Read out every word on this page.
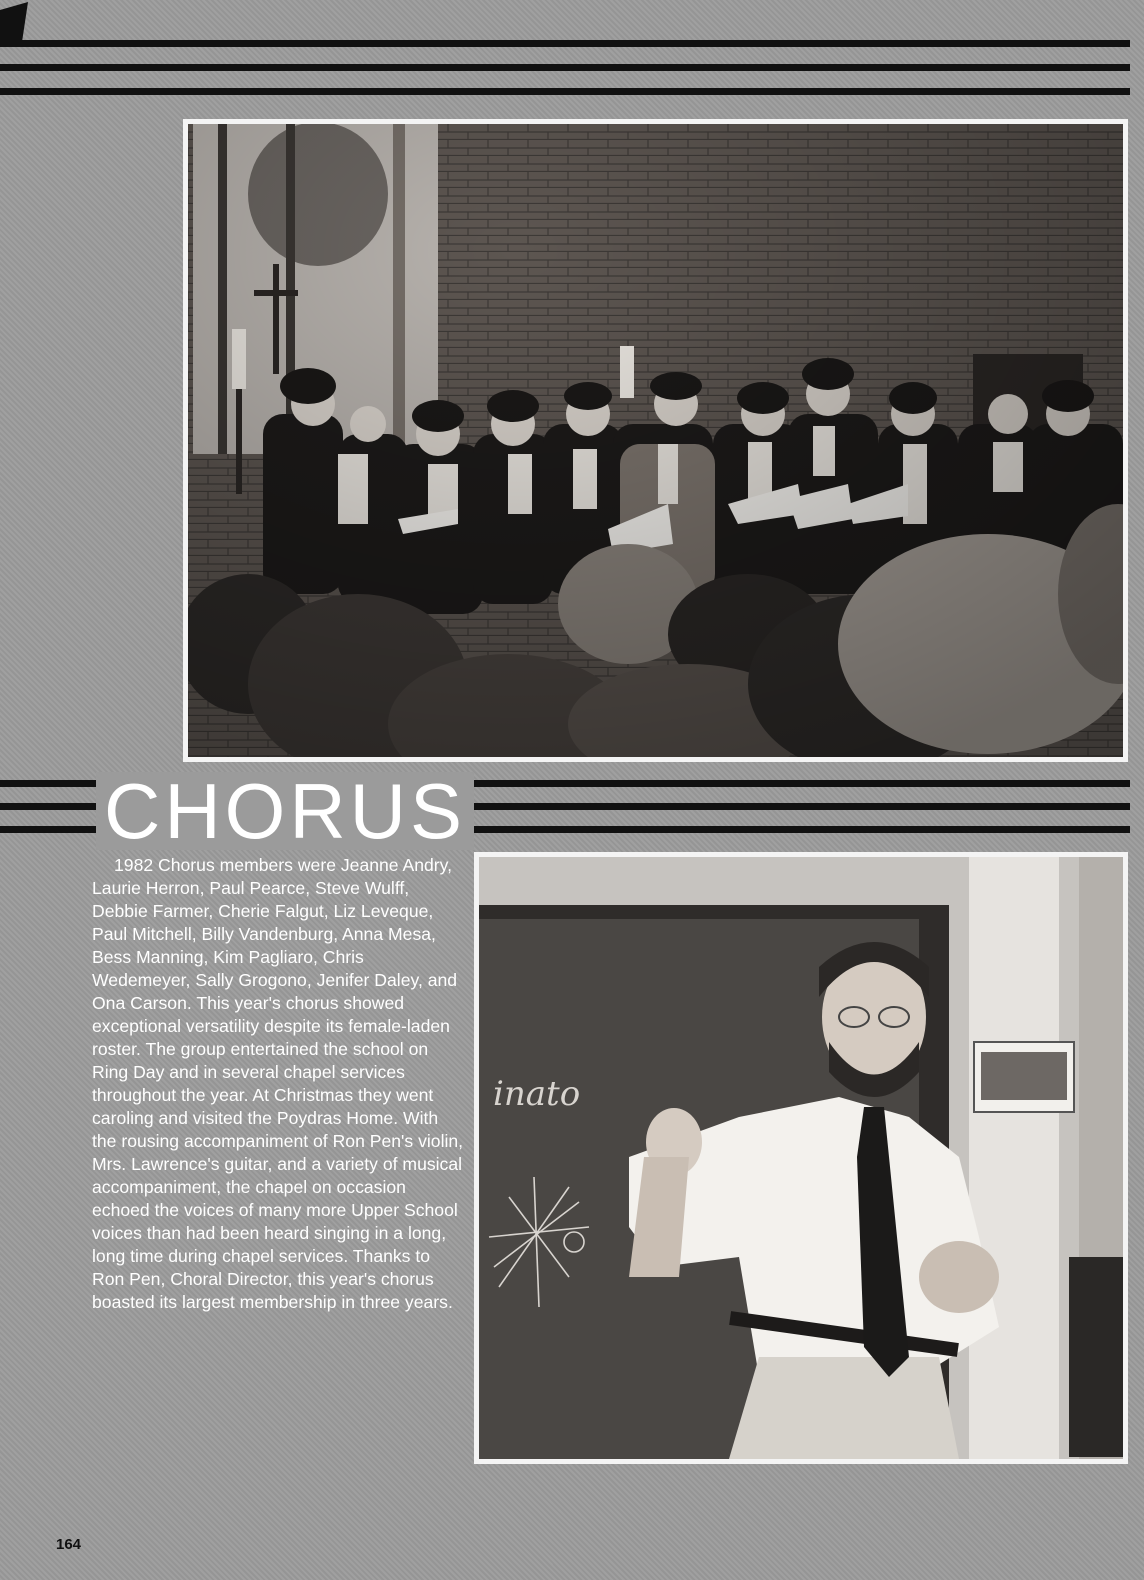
CHORUS

1982 Chorus members were Jeanne Andry, Laurie Herron, Paul Pearce, Steve Wulff, Debbie Farmer, Cherie Falgut, Liz Leveque, Paul Mitchell, Billy Vandenburg, Anna Mesa, Bess Manning, Kim Pagliaro, Chris Wedemeyer, Sally Grogono, Jenifer Daley, and Ona Carson. This year's chorus showed exceptional versatility despite its female-laden roster. The group entertained the school on Ring Day and in several chapel services throughout the year. At Christmas they went caroling and visited the Poydras Home. With the rousing accompaniment of Ron Pen's violin, Mrs. Lawrence's guitar, and a variety of musical accompaniment, the chapel on occasion echoed the voices of many more Upper School voices than had been heard singing in a long, long time during chapel services. Thanks to Ron Pen, Choral Director, this year's chorus boasted its largest membership in three years.

inato
164
